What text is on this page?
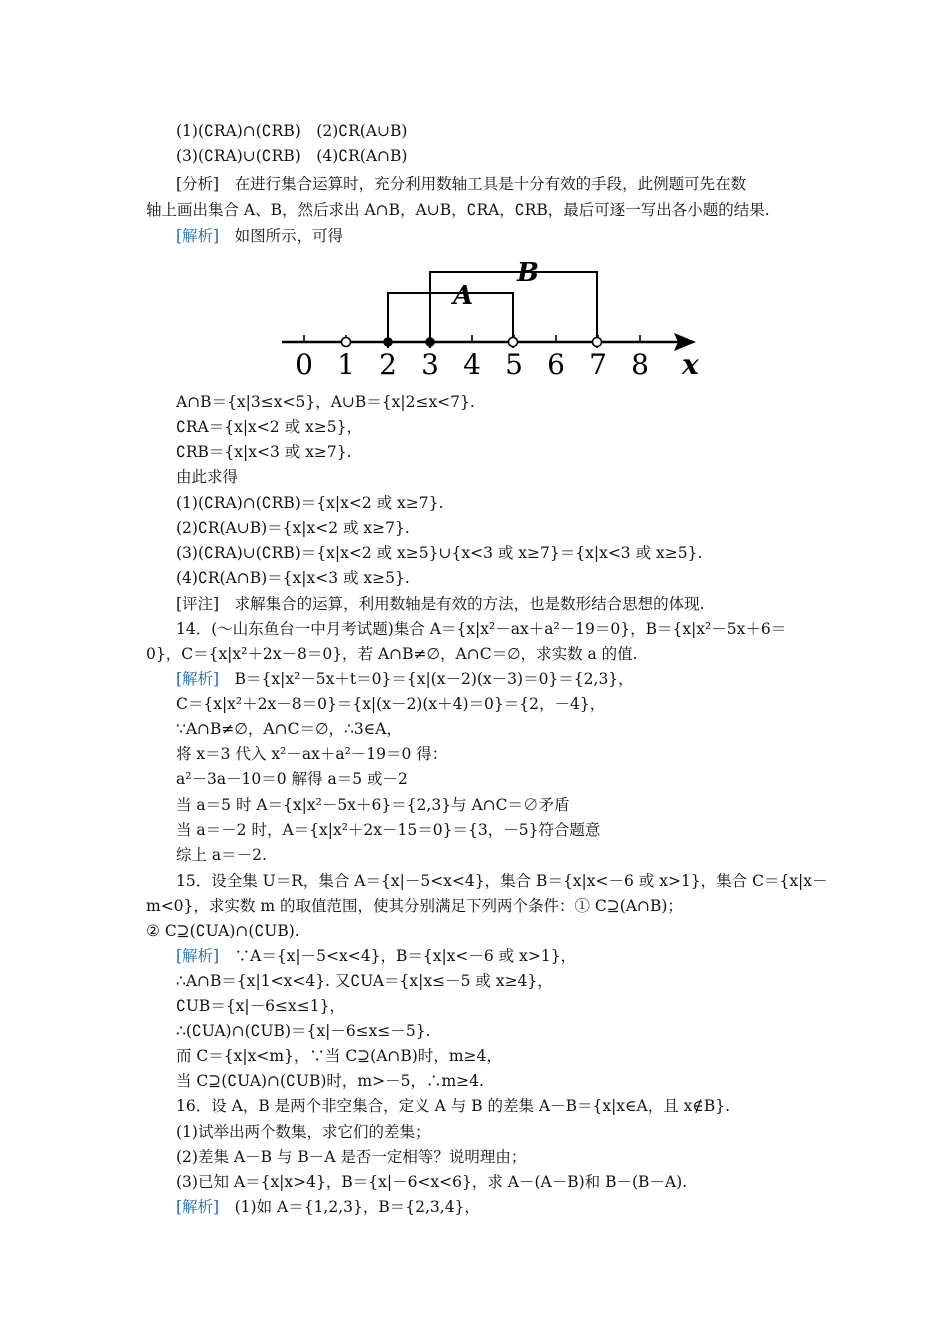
(1)(∁RA)∩(∁RB)　(2)∁R(A∪B)
(3)(∁RA)∪(∁RB)　(4)∁R(A∩B)
[分析]　在进行集合运算时，充分利用数轴工具是十分有效的手段，此例题可先在数
轴上画出集合 A、B，然后求出 A∩B，A∪B，∁RA，∁RB，最后可逐一写出各小题的结果.
[解析]　 如图所示，可得
B
A
0 1 2 3 4 5 6 7 8 x
A∩B＝{x|3≤x<5}，A∪B＝{x|2≤x<7}.
∁RA＝{x|x<2 或 x≥5}，
∁RB＝{x|x<3 或 x≥7}.
由此求得
(1)(∁RA)∩(∁RB)＝{x|x<2 或 x≥7}.
(2)∁R(A∪B)＝{x|x<2 或 x≥7}.
(3)(∁RA)∪(∁RB)＝{x|x<2 或 x≥5}∪{x<3 或 x≥7}＝{x|x<3 或 x≥5}.
(4)∁R(A∩B)＝{x|x<3 或 x≥5}.
[评注]　求解集合的运算，利用数轴是有效的方法，也是数形结合思想的体现.
14．(～山东鱼台一中月考试题)集合 A＝{x|x²－ax＋a²－19＝0}，B＝{x|x²－5x＋6＝
0}，C＝{x|x²＋2x－8＝0}，若 A∩B≠∅，A∩C＝∅，求实数 a 的值.
[解析]　 B＝{x|x²－5x＋t＝0}＝{x|(x－2)(x－3)＝0}＝{2,3}，
C＝{x|x²＋2x－8＝0}＝{x|(x－2)(x＋4)＝0}＝{2，－4}，
∵A∩B≠∅，A∩C＝∅，∴3∈A，
将 x＝3 代入 x²－ax＋a²－19＝0 得：
a²－3a－10＝0 解得 a＝5 或－2
当 a＝5 时 A＝{x|x²－5x＋6}＝{2,3}与 A∩C＝∅矛盾
当 a＝－2 时，A＝{x|x²＋2x－15＝0}＝{3，－5}符合题意
综上 a＝－2.
15．设全集 U＝R，集合 A＝{x|－5<x<4}，集合 B＝{x|x<－6 或 x>1}，集合 C＝{x|x－
m<0}，求实数 m 的取值范围，使其分别满足下列两个条件：① C⊇(A∩B)；
② C⊇(∁UA)∩(∁UB).
[解析]　 ∵A＝{x|－5<x<4}，B＝{x|x<－6 或 x>1}，
∴A∩B＝{x|1<x<4}. 又∁UA＝{x|x≤－5 或 x≥4}，
∁UB＝{x|－6≤x≤1}，
∴(∁UA)∩(∁UB)＝{x|－6≤x≤－5}.
而 C＝{x|x<m}，∵当 C⊇(A∩B)时，m≥4，
当 C⊇(∁UA)∩(∁UB)时，m>－5，∴m≥4.
16．设 A，B 是两个非空集合，定义 A 与 B 的差集 A－B＝{x|x∈A，且 x∉B}.
(1)试举出两个数集，求它们的差集；
(2)差集 A－B 与 B－A 是否一定相等？说明理由；
(3)已知 A＝{x|x>4}，B＝{x|－6<x<6}，求 A－(A－B)和 B－(B－A).
[解析]　 (1)如 A＝{1,2,3}，B＝{2,3,4}，
